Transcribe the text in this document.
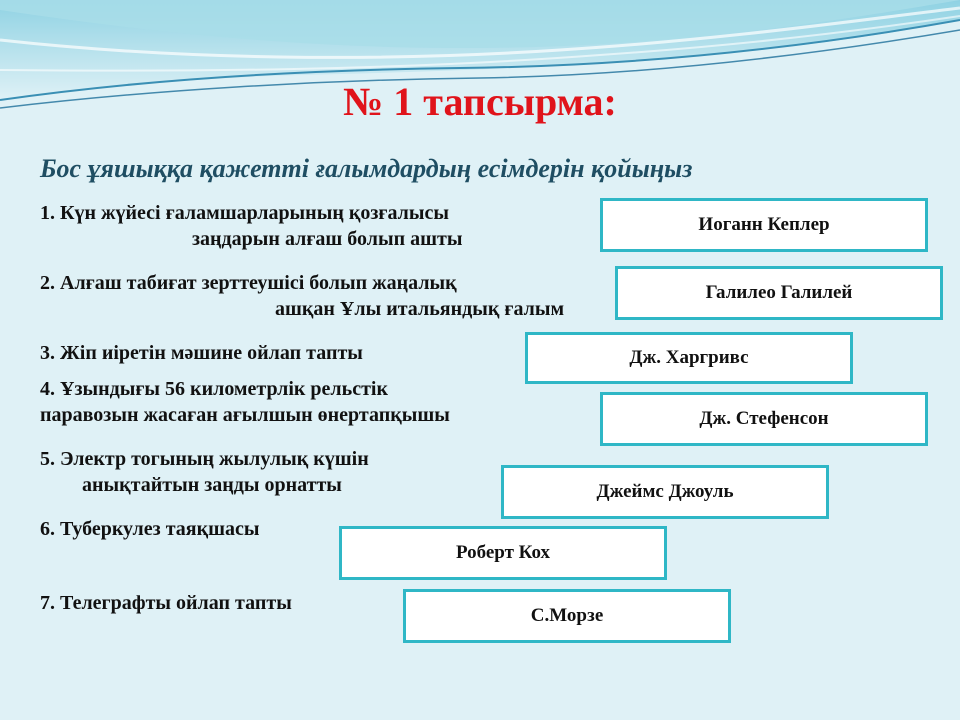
№ 1 тапсырма:
Бос ұяшыққа қажетті ғалымдардың есімдерін қойыңыз
1. Күн жүйесі ғаламшарларының қозғалысы
заңдарын алғаш болып ашты
2. Алғаш табиғат зерттеушісі болып жаңалық
ашқан Ұлы итальяндық ғалым
3. Жіп иіретін мәшине ойлап тапты
4. Ұзындығы 56 километрлік рельстік
паравозын жасаған ағылшын өнертапқышы
5. Электр тогының жылулық күшін
анықтайтын заңды орнатты
6. Туберкулез таяқшасы
7. Телеграфты ойлап тапты
Иоганн Кеплер
Галилео Галилей
Дж. Харгривс
Дж. Стефенсон
Джеймс Джоуль
Роберт Кох
С.Морзе
